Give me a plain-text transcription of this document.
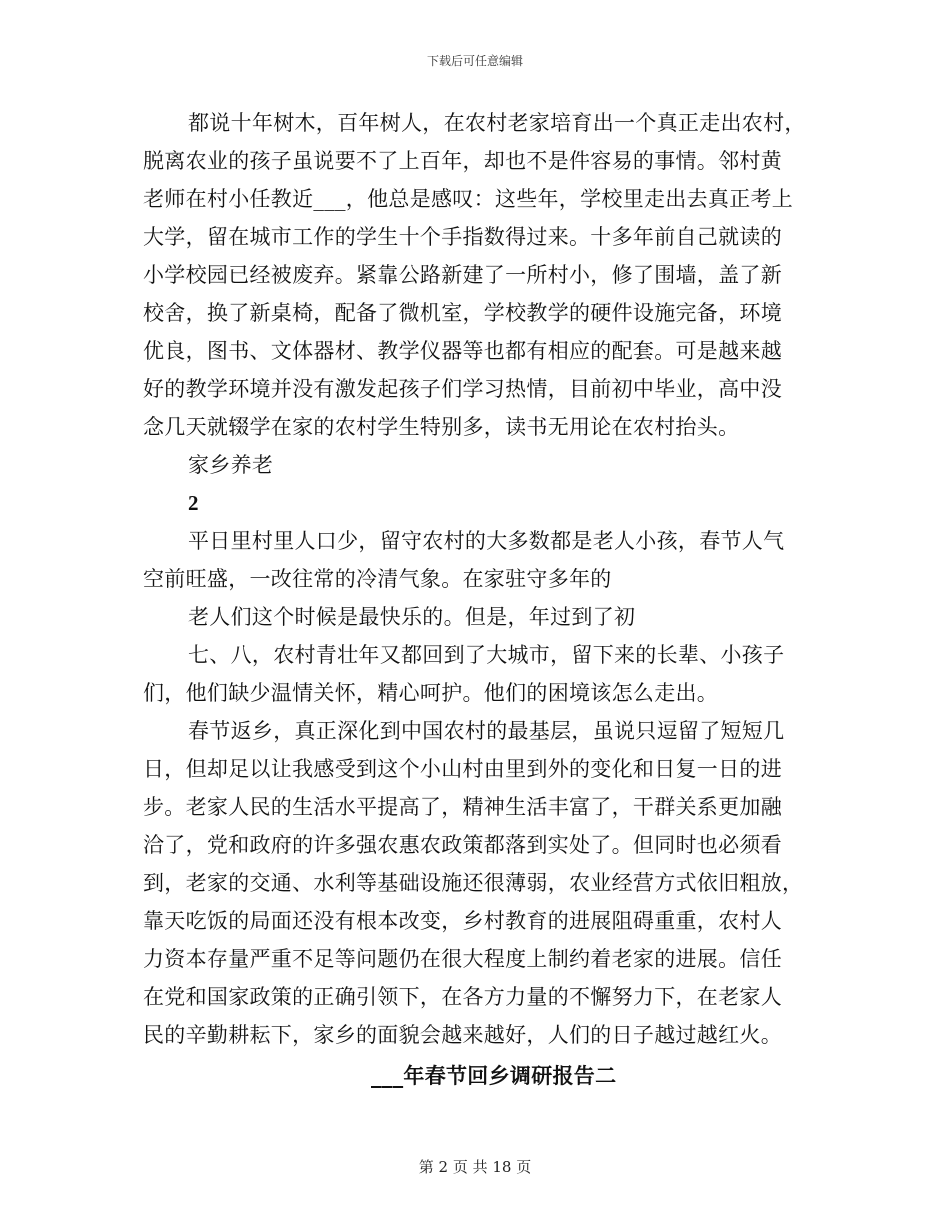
下载后可任意编辑
都说十年树木，百年树人，在农村老家培育出一个真正走出农村，
脱离农业的孩子虽说要不了上百年，却也不是件容易的事情。邻村黄
老师在村小任教近___，他总是感叹：这些年，学校里走出去真正考上
大学，留在城市工作的学生十个手指数得过来。十多年前自己就读的
小学校园已经被废弃。紧靠公路新建了一所村小，修了围墙，盖了新
校舍，换了新桌椅，配备了微机室，学校教学的硬件设施完备，环境
优良，图书、文体器材、教学仪器等也都有相应的配套。可是越来越
好的教学环境并没有激发起孩子们学习热情，目前初中毕业，高中没
念几天就辍学在家的农村学生特别多，读书无用论在农村抬头。
家乡养老
2
平日里村里人口少，留守农村的大多数都是老人小孩，春节人气
空前旺盛，一改往常的冷清气象。在家驻守多年的
老人们这个时候是最快乐的。但是，年过到了初
七、八，农村青壮年又都回到了大城市，留下来的长辈、小孩子
们，他们缺少温情关怀，精心呵护。他们的困境该怎么走出。
春节返乡，真正深化到中国农村的最基层，虽说只逗留了短短几
日，但却足以让我感受到这个小山村由里到外的变化和日复一日的进
步。老家人民的生活水平提高了，精神生活丰富了，干群关系更加融
洽了，党和政府的许多强农惠农政策都落到实处了。但同时也必须看
到，老家的交通、水利等基础设施还很薄弱，农业经营方式依旧粗放，
靠天吃饭的局面还没有根本改变，乡村教育的进展阻碍重重，农村人
力资本存量严重不足等问题仍在很大程度上制约着老家的进展。信任
在党和国家政策的正确引领下，在各方力量的不懈努力下，在老家人
民的辛勤耕耘下，家乡的面貌会越来越好，人们的日子越过越红火。
___年春节回乡调研报告二
第 2 页 共 18 页
